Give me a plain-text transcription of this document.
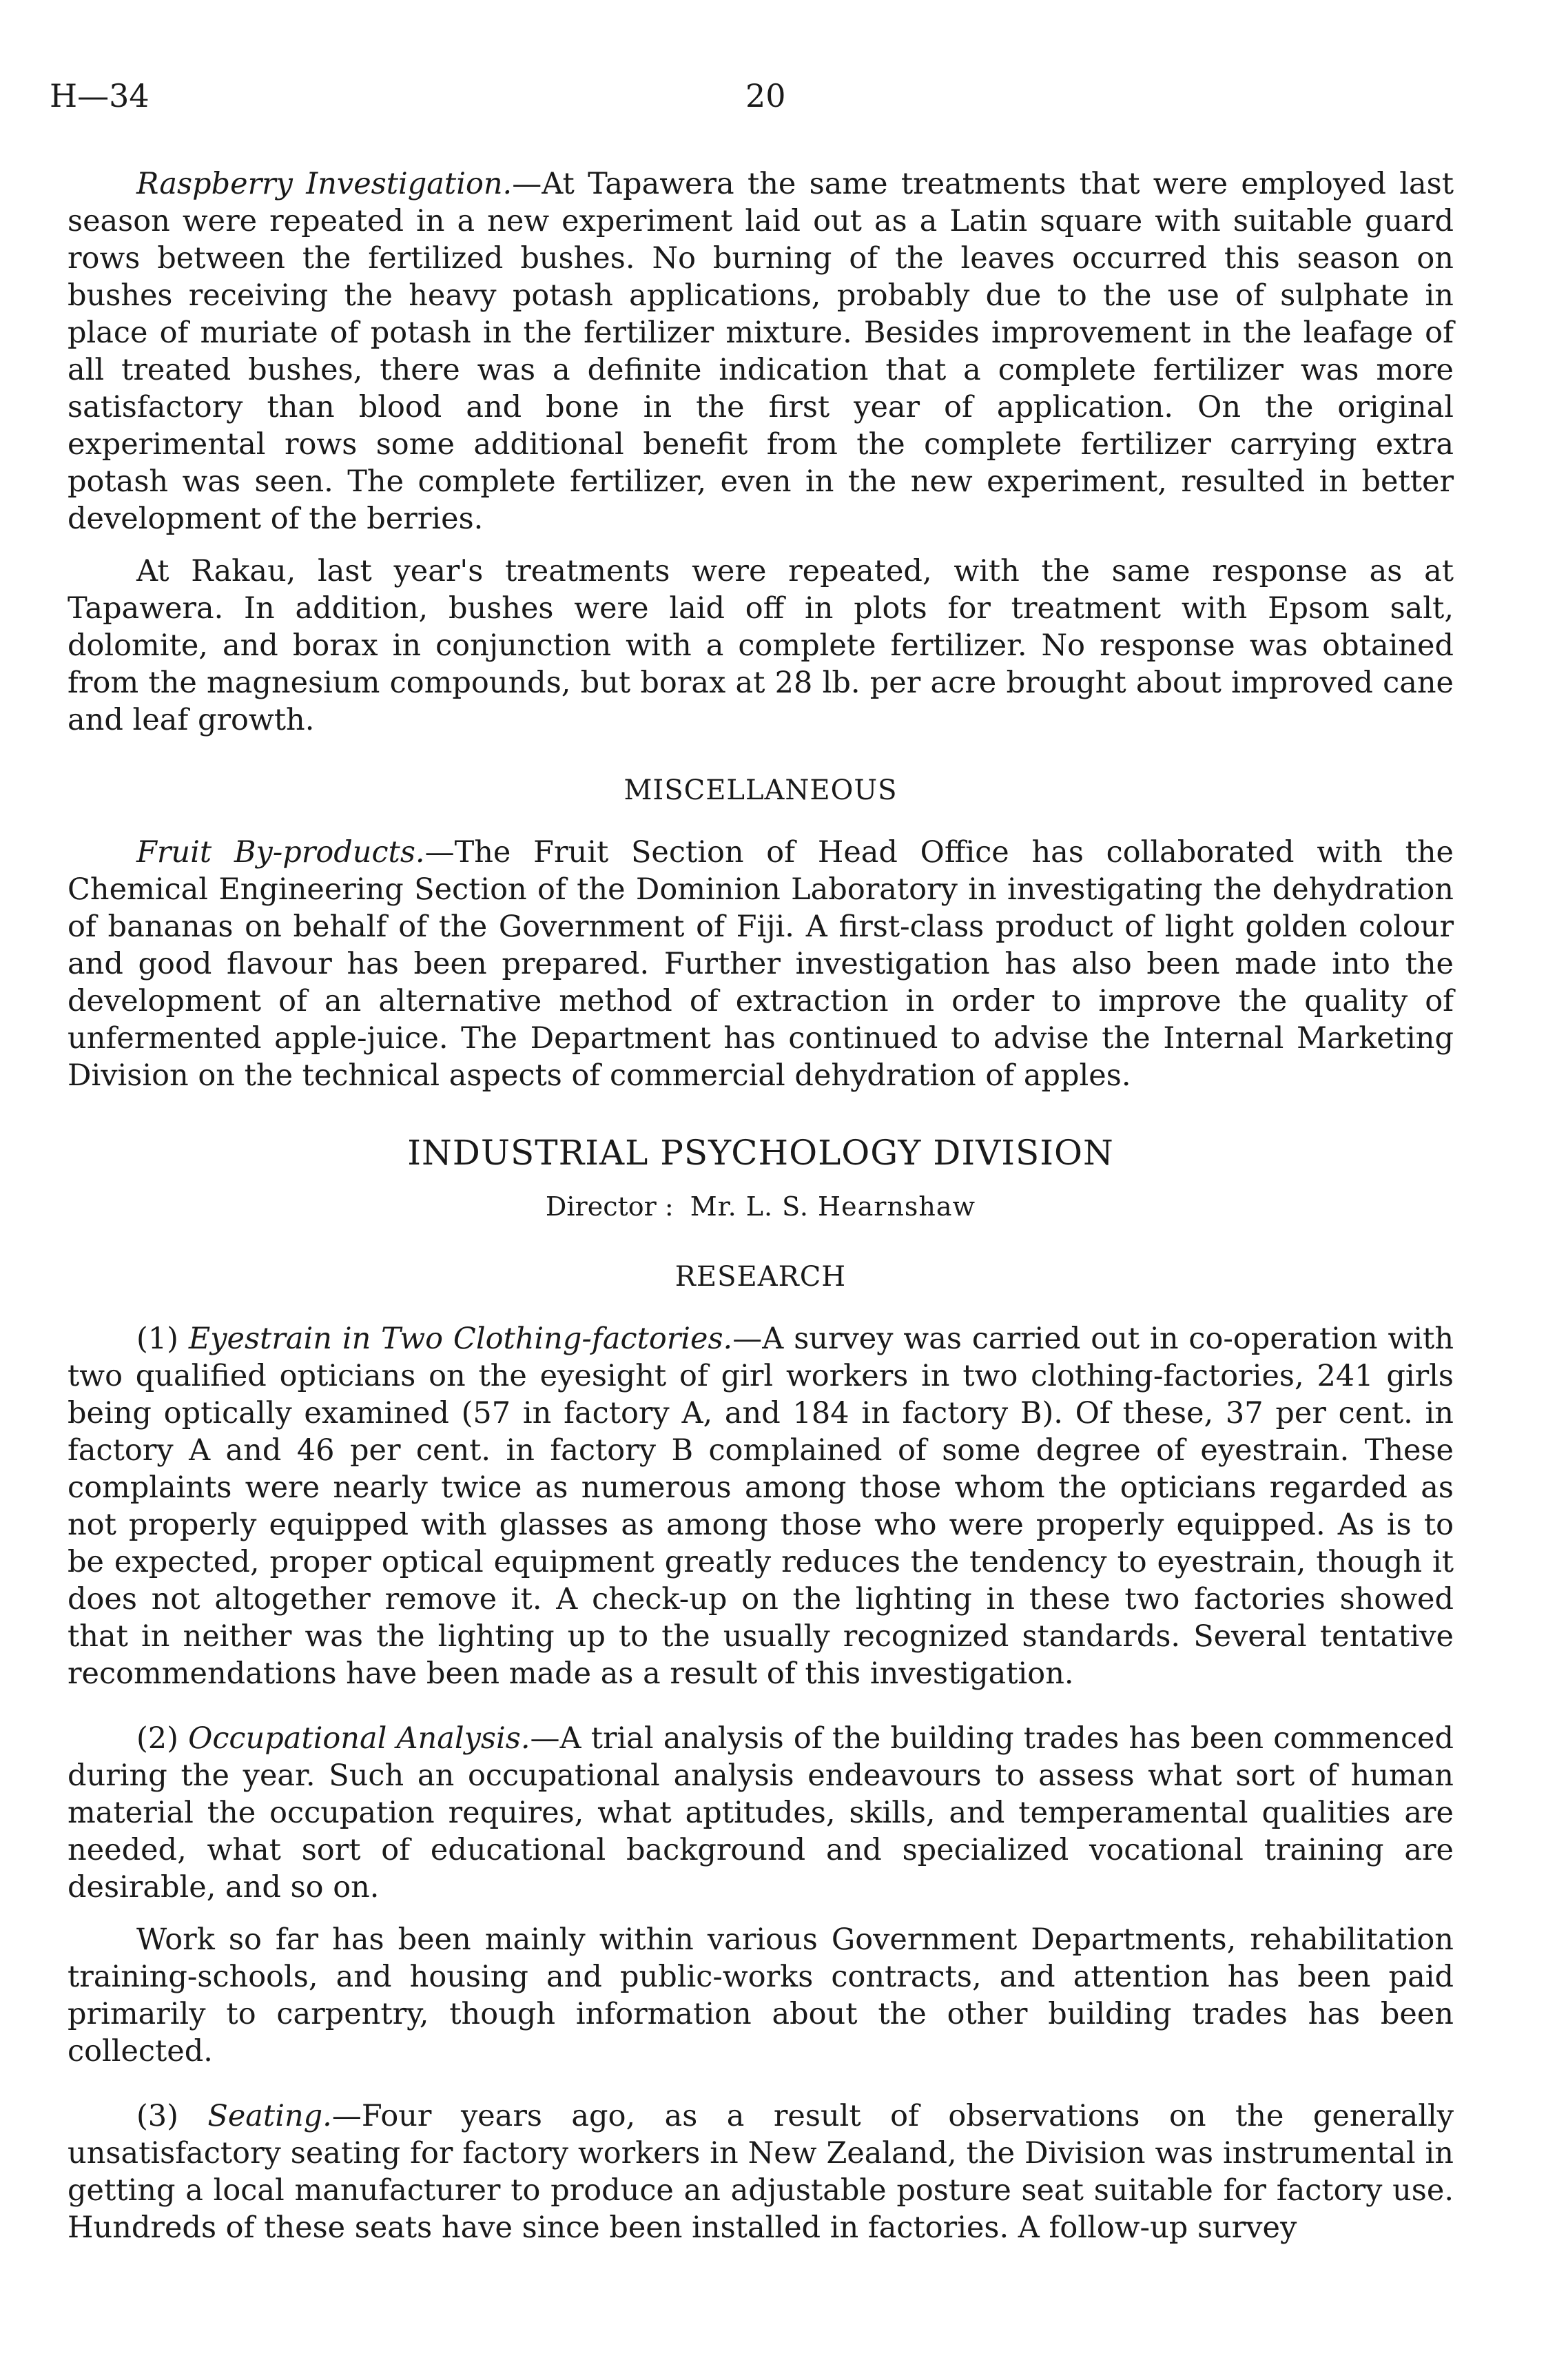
H—34	20

Raspberry Investigation.—At Tapawera the same treatments that were employed last season were repeated in a new experiment laid out as a Latin square with suitable guard rows between the fertilized bushes. No burning of the leaves occurred this season on bushes receiving the heavy potash applications, probably due to the use of sulphate in place of muriate of potash in the fertilizer mixture. Besides improvement in the leafage of all treated bushes, there was a definite indication that a complete fertilizer was more satisfactory than blood and bone in the first year of application. On the original experimental rows some additional benefit from the complete fertilizer carrying extra potash was seen. The complete fertilizer, even in the new experiment, resulted in better development of the berries.

At Rakau, last year's treatments were repeated, with the same response as at Tapawera. In addition, bushes were laid off in plots for treatment with Epsom salt, dolomite, and borax in conjunction with a complete fertilizer. No response was obtained from the magnesium compounds, but borax at 28 lb. per acre brought about improved cane and leaf growth.

MISCELLANEOUS

Fruit By-products.—The Fruit Section of Head Office has collaborated with the Chemical Engineering Section of the Dominion Laboratory in investigating the dehydration of bananas on behalf of the Government of Fiji. A first-class product of light golden colour and good flavour has been prepared. Further investigation has also been made into the development of an alternative method of extraction in order to improve the quality of unfermented apple-juice. The Department has continued to advise the Internal Marketing Division on the technical aspects of commercial dehydration of apples.

INDUSTRIAL PSYCHOLOGY DIVISION
Director : Mr. L. S. Hearnshaw
RESEARCH

(1) Eyestrain in Two Clothing-factories.—A survey was carried out in co-operation with two qualified opticians on the eyesight of girl workers in two clothing-factories, 241 girls being optically examined (57 in factory A, and 184 in factory B). Of these, 37 per cent. in factory A and 46 per cent. in factory B complained of some degree of eyestrain. These complaints were nearly twice as numerous among those whom the opticians regarded as not properly equipped with glasses as among those who were properly equipped. As is to be expected, proper optical equipment greatly reduces the tendency to eyestrain, though it does not altogether remove it. A check-up on the lighting in these two factories showed that in neither was the lighting up to the usually recognized standards. Several tentative recommendations have been made as a result of this investigation.

(2) Occupational Analysis.—A trial analysis of the building trades has been commenced during the year. Such an occupational analysis endeavours to assess what sort of human material the occupation requires, what aptitudes, skills, and temperamental qualities are needed, what sort of educational background and specialized vocational training are desirable, and so on.

Work so far has been mainly within various Government Departments, rehabilitation training-schools, and housing and public-works contracts, and attention has been paid primarily to carpentry, though information about the other building trades has been collected.

(3) Seating.—Four years ago, as a result of observations on the generally unsatisfactory seating for factory workers in New Zealand, the Division was instrumental in getting a local manufacturer to produce an adjustable posture seat suitable for factory use. Hundreds of these seats have since been installed in factories. A follow-up survey
